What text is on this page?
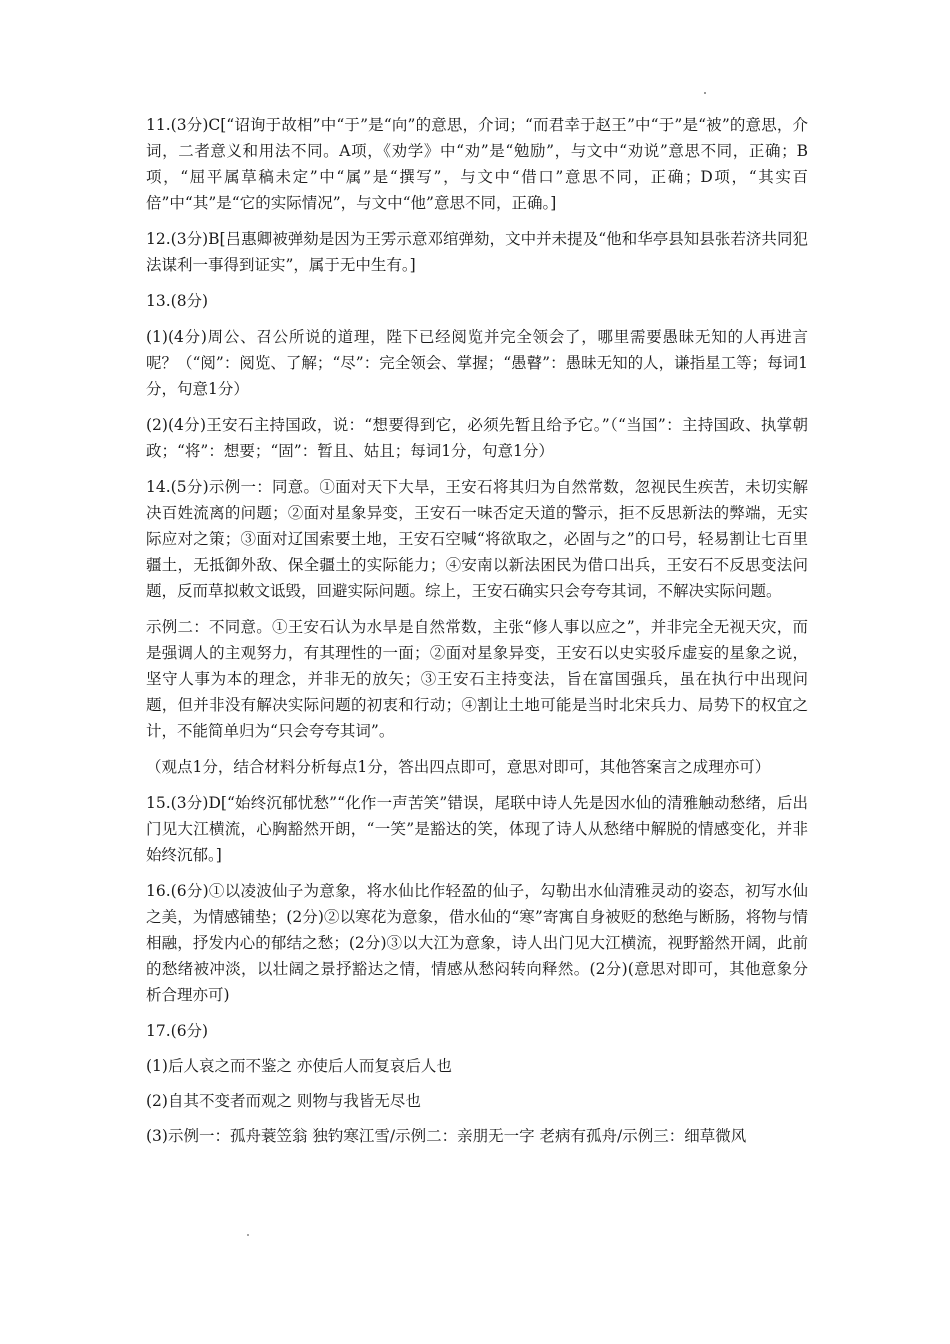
11.(3分)C[“诏询于故相”中“于”是“向”的意思，介词；“而君幸于赵王”中“于”是“被”的意思，介词，二者意义和用法不同。A项，《劝学》中“劝”是“勉励”，与文中“劝说”意思不同，正确；B项，“屈平属草稿未定”中“属”是“撰写”，与文中“借口”意思不同，正确；D项，“其实百倍”中“其”是“它的实际情况”，与文中“他”意思不同，正确。]

12.(3分)B[吕惠卿被弹劾是因为王雱示意邓绾弹劾，文中并未提及“他和华亭县知县张若济共同犯法谋利一事得到证实”，属于无中生有。]

13.(8分)

(1)(4分)周公、召公所说的道理，陛下已经阅览并完全领会了，哪里需要愚昧无知的人再进言呢？（“阅”：阅览、了解；“尽”：完全领会、掌握；“愚瞽”：愚昧无知的人，谦指星工等；每词1分，句意1分）

(2)(4分)王安石主持国政，说：“想要得到它，必须先暂且给予它。”（“当国”：主持国政、执掌朝政；“将”：想要；“固”：暂且、姑且；每词1分，句意1分）

14.(5分)示例一：同意。①面对天下大旱，王安石将其归为自然常数，忽视民生疾苦，未切实解决百姓流离的问题；②面对星象异变，王安石一味否定天道的警示，拒不反思新法的弊端，无实际应对之策；③面对辽国索要土地，王安石空喊“将欲取之，必固与之”的口号，轻易割让七百里疆土，无抵御外敌、保全疆土的实际能力；④安南以新法困民为借口出兵，王安石不反思变法问题，反而草拟敕文诋毁，回避实际问题。综上，王安石确实只会夸夸其词，不解决实际问题。

示例二：不同意。①王安石认为水旱是自然常数，主张“修人事以应之”，并非完全无视天灾，而是强调人的主观努力，有其理性的一面；②面对星象异变，王安石以史实驳斥虚妄的星象之说，坚守人事为本的理念，并非无的放矢；③王安石主持变法，旨在富国强兵，虽在执行中出现问题，但并非没有解决实际问题的初衷和行动；④割让土地可能是当时北宋兵力、局势下的权宜之计，不能简单归为“只会夸夸其词”。

（观点1分，结合材料分析每点1分，答出四点即可，意思对即可，其他答案言之成理亦可）

15.(3分)D[“始终沉郁忧愁”“化作一声苦笑”错误，尾联中诗人先是因水仙的清雅触动愁绪，后出门见大江横流，心胸豁然开朗，“一笑”是豁达的笑，体现了诗人从愁绪中解脱的情感变化，并非始终沉郁。]

16.(6分)①以凌波仙子为意象，将水仙比作轻盈的仙子，勾勒出水仙清雅灵动的姿态，初写水仙之美，为情感铺垫；(2分)②以寒花为意象，借水仙的“寒”寄寓自身被贬的愁绝与断肠，将物与情相融，抒发内心的郁结之愁；(2分)③以大江为意象，诗人出门见大江横流，视野豁然开阔，此前的愁绪被冲淡，以壮阔之景抒豁达之情，情感从愁闷转向释然。(2分)(意思对即可，其他意象分析合理亦可)

17.(6分)

(1)后人哀之而不鉴之 亦使后人而复哀后人也

(2)自其不变者而观之 则物与我皆无尽也

(3)示例一：孤舟蓑笠翁 独钓寒江雪/示例二：亲朋无一字 老病有孤舟/示例三：细草微风
